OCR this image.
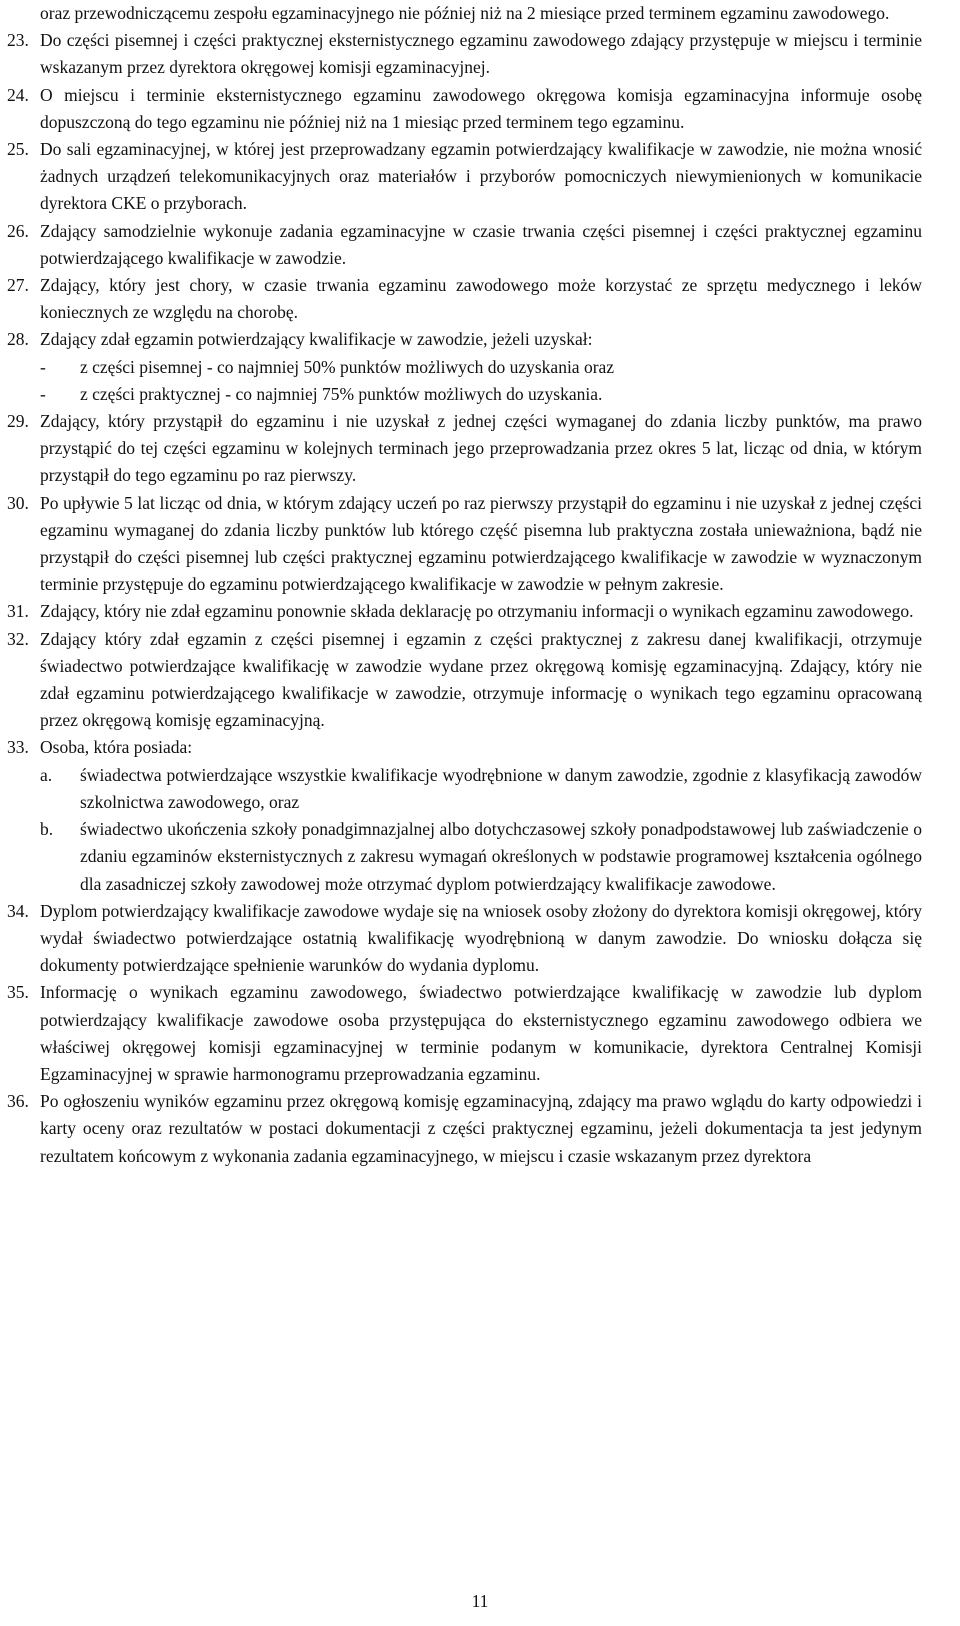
oraz przewodniczącemu zespołu egzaminacyjnego nie później niż na 2 miesiące przed terminem egzaminu zawodowego.
23. Do części pisemnej i części praktycznej eksternistycznego egzaminu zawodowego zdający przystępuje w miejscu i terminie wskazanym przez dyrektora okręgowej komisji egzaminacyjnej.
24. O miejscu i terminie eksternistycznego egzaminu zawodowego okręgowa komisja egzaminacyjna informuje osobę dopuszczoną do tego egzaminu nie później niż na 1 miesiąc przed terminem tego egzaminu.
25. Do sali egzaminacyjnej, w której jest przeprowadzany egzamin potwierdzający kwalifikacje w zawodzie, nie można wnosić żadnych urządzeń telekomunikacyjnych oraz materiałów i przyborów pomocniczych niewymienionych w komunikacie dyrektora CKE o przyborach.
26. Zdający samodzielnie wykonuje zadania egzaminacyjne w czasie trwania części pisemnej i części praktycznej egzaminu potwierdzającego kwalifikacje w zawodzie.
27. Zdający, który jest chory, w czasie trwania egzaminu zawodowego może korzystać ze sprzętu medycznego i leków koniecznych ze względu na chorobę.
28. Zdający zdał egzamin potwierdzający kwalifikacje w zawodzie, jeżeli uzyskał:
- z części pisemnej - co najmniej 50% punktów możliwych do uzyskania oraz
- z części praktycznej - co najmniej 75% punktów możliwych do uzyskania.
29. Zdający, który przystąpił do egzaminu i nie uzyskał z jednej części wymaganej do zdania liczby punktów, ma prawo przystąpić do tej części egzaminu w kolejnych terminach jego przeprowadzania przez okres 5 lat, licząc od dnia, w którym przystąpił do tego egzaminu po raz pierwszy.
30. Po upływie 5 lat licząc od dnia, w którym zdający uczeń po raz pierwszy przystąpił do egzaminu i nie uzyskał z jednej części egzaminu wymaganej do zdania liczby punktów lub którego część pisemna lub praktyczna została unieważniona, bądź nie przystąpił do części pisemnej lub części praktycznej egzaminu potwierdzającego kwalifikacje w zawodzie w wyznaczonym terminie przystępuje do egzaminu potwierdzającego kwalifikacje w zawodzie w pełnym zakresie.
31. Zdający, który nie zdał egzaminu ponownie składa deklarację po otrzymaniu informacji o wynikach egzaminu zawodowego.
32. Zdający który zdał egzamin z części pisemnej i egzamin z części praktycznej z zakresu danej kwalifikacji, otrzymuje świadectwo potwierdzające kwalifikację w zawodzie wydane przez okręgową komisję egzaminacyjną. Zdający, który nie zdał egzaminu potwierdzającego kwalifikacje w zawodzie, otrzymuje informację o wynikach tego egzaminu opracowaną przez okręgową komisję egzaminacyjną.
33. Osoba, która posiada:
a. świadectwa potwierdzające wszystkie kwalifikacje wyodrębnione w danym zawodzie, zgodnie z klasyfikacją zawodów szkolnictwa zawodowego, oraz
b. świadectwo ukończenia szkoły ponadgimnazjalnej albo dotychczasowej szkoły ponadpodstawowej lub zaświadczenie o zdaniu egzaminów eksternistycznych z zakresu wymagań określonych w podstawie programowej kształcenia ogólnego dla zasadniczej szkoły zawodowej może otrzymać dyplom potwierdzający kwalifikacje zawodowe.
34. Dyplom potwierdzający kwalifikacje zawodowe wydaje się na wniosek osoby złożony do dyrektora komisji okręgowej, który wydał świadectwo potwierdzające ostatnią kwalifikację wyodrębnioną w danym zawodzie. Do wniosku dołącza się dokumenty potwierdzające spełnienie warunków do wydania dyplomu.
35. Informację o wynikach egzaminu zawodowego, świadectwo potwierdzające kwalifikację w zawodzie lub dyplom potwierdzający kwalifikacje zawodowe osoba przystępująca do eksternistycznego egzaminu zawodowego odbiera we właściwej okręgowej komisji egzaminacyjnej w terminie podanym w komunikacie, dyrektora Centralnej Komisji Egzaminacyjnej w sprawie harmonogramu przeprowadzania egzaminu.
36. Po ogłoszeniu wyników egzaminu przez okręgową komisję egzaminacyjną, zdający ma prawo wglądu do karty odpowiedzi i karty oceny oraz rezultatów w postaci dokumentacji z części praktycznej egzaminu, jeżeli dokumentacja ta jest jedynym rezultatem końcowym z wykonania zadania egzaminacyjnego, w miejscu i czasie wskazanym przez dyrektora
11
